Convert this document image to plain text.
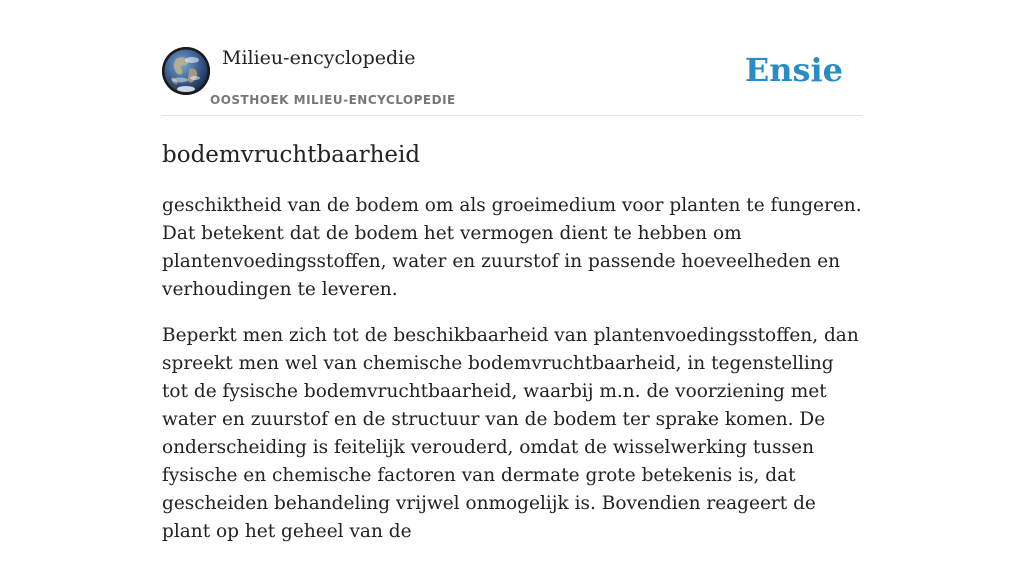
Milieu-encyclopedie
OOSTHOEK MILIEU-ENCYCLOPEDIE
Ensie
bodemvruchtbaarheid

geschiktheid van de bodem om als groeimedium voor planten te fungeren. Dat betekent dat de bodem het vermogen dient te hebben om plantenvoedingsstoffen, water en zuurstof in passende hoeveelheden en verhoudingen te leveren.

Beperkt men zich tot de beschikbaarheid van plantenvoedingsstoffen, dan spreekt men wel van chemische bodemvruchtbaarheid, in tegenstelling tot de fysische bodemvruchtbaarheid, waarbij m.n. de voorziening met water en zuurstof en de structuur van de bodem ter sprake komen. De onderscheiding is feitelijk verouderd, omdat de wisselwerking tussen fysische en chemische factoren van dermate grote betekenis is, dat gescheiden behandeling vrijwel onmogelijk is. Bovendien reageert de plant op het geheel van de
